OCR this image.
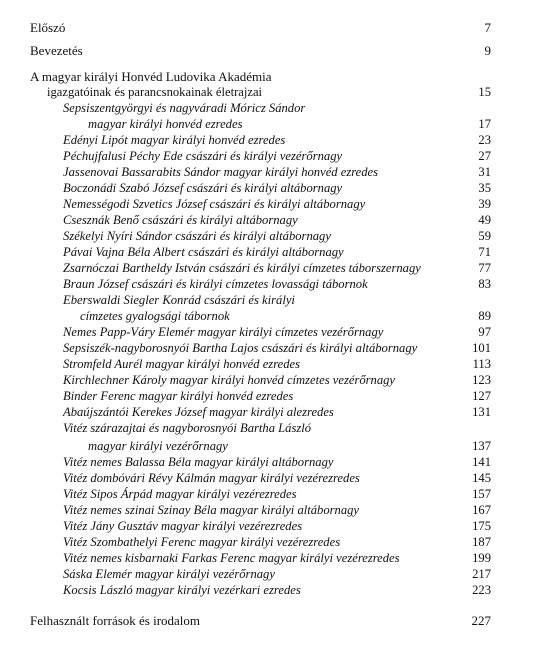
Előszó	7
Bevezetés	9
A magyar királyi Honvéd Ludovika Akadémia
igazgatóinak és parancsnokainak életrajzai	15
Sepsiszentgyörgyi és nagyváradi Móricz Sándor
magyar királyi honvéd ezredes	17
Edényi Lipót magyar királyi honvéd ezredes	23
Péchujfalusi Péchy Ede császári és királyi vezérőrnagy	27
Jassenovai Bassarabits Sándor magyar királyi honvéd ezredes	31
Boczonádi Szabó József császári és királyi altábornagy	35
Nemességodi Szvetics József császári és királyi altábornagy	39
Csesznák Benő császári és királyi altábornagy	49
Székelyi Nyíri Sándor császári és királyi altábornagy	59
Pávai Vajna Béla Albert császári és királyi altábornagy	71
Zsarnóczai Bartheldy István császári és királyi címzetes táborszernagy	77
Braun József császári és királyi címzetes lovassági tábornok	83
Eberswaldi Siegler Konrád császári és királyi
címzetes gyalogsági tábornok	89
Nemes Papp-Váry Elemér magyar királyi címzetes vezérőrnagy	97
Sepsiszék-nagyborosnyói Bartha Lajos császári és királyi altábornagy	101
Stromfeld Aurél magyar királyi honvéd ezredes	113
Kirchlechner Károly magyar királyi honvéd címzetes vezérőrnagy	123
Binder Ferenc magyar királyi honvéd ezredes	127
Abaújszántói Kerekes József magyar királyi alezredes	131
Vitéz szárazajtai és nagyborosnyói Bartha László
magyar királyi vezérőrnagy	137
Vitéz nemes Balassa Béla magyar királyi altábornagy	141
Vitéz dombóvári Révy Kálmán magyar királyi vezérezredes	145
Vitéz Sipos Árpád magyar királyi vezérezredes	157
Vitéz nemes szinai Szinay Béla magyar királyi altábornagy	167
Vitéz Jány Gusztáv magyar királyi vezérezredes	175
Vitéz Szombathelyi Ferenc magyar királyi vezérezredes	187
Vitéz nemes kisbarnaki Farkas Ferenc magyar királyi vezérezredes	199
Sáska Elemér magyar királyi vezérőrnagy	217
Kocsis László magyar királyi vezérkari ezredes	223
Felhasznált források és irodalom	227
